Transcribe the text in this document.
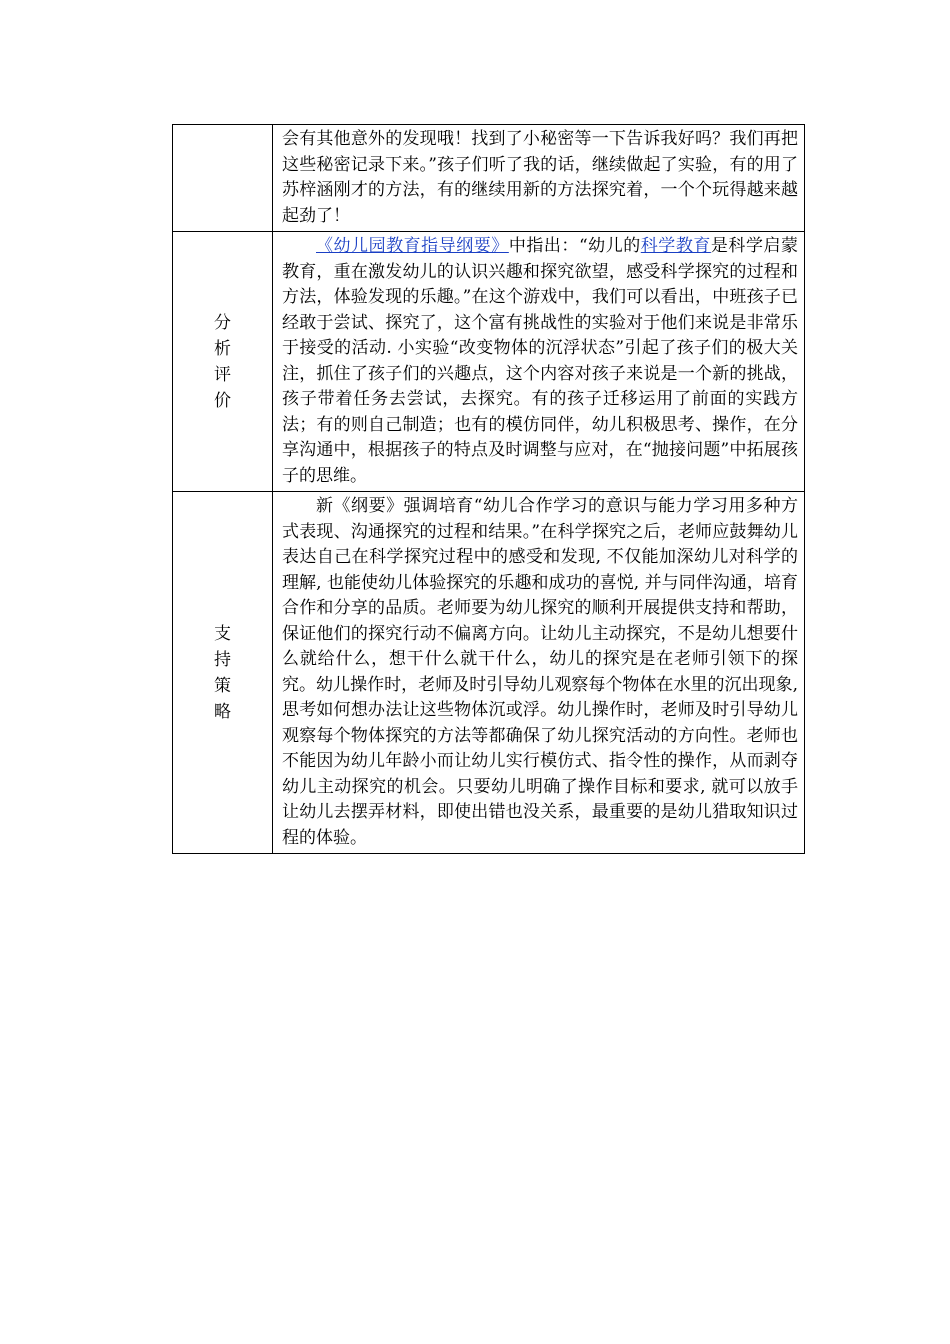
	会有其他意外的发现哦！找到了小秘密等一下告诉我好吗？我们再把这些秘密记录下来。”孩子们听了我的话，继续做起了实验，有的用了苏梓涵刚才的方法，有的继续用新的方法探究着，一个个玩得越来越起劲了！

分析评价	《幼儿园教育指导纲要》中指出：“幼儿的科学教育是科学启蒙教育，重在激发幼儿的认识兴趣和探究欲望，感受科学探究的过程和方法，体验发现的乐趣。”在这个游戏中，我们可以看出，中班孩子已经敢于尝试、探究了，这个富有挑战性的实验对于他们来说是非常乐于接受的活动. 小实验“改变物体的沉浮状态”引起了孩子们的极大关注，抓住了孩子们的兴趣点，这个内容对孩子来说是一个新的挑战，孩子带着任务去尝试，去探究。有的孩子迁移运用了前面的实践方法；有的则自己制造；也有的模仿同伴，幼儿积极思考、操作，在分享沟通中，根据孩子的特点及时调整与应对，在“抛接问题”中拓展孩子的思维。

支持策略	新《纲要》强调培育“幼儿合作学习的意识与能力学习用多种方式表现、沟通探究的过程和结果。”在科学探究之后，老师应鼓舞幼儿表达自己在科学探究过程中的感受和发现, 不仅能加深幼儿对科学的理解, 也能使幼儿体验探究的乐趣和成功的喜悦, 并与同伴沟通，培育合作和分享的品质。老师要为幼儿探究的顺利开展提供支持和帮助，保证他们的探究行动不偏离方向。让幼儿主动探究，不是幼儿想要什么就给什么，想干什么就干什么，幼儿的探究是在老师引领下的探究。幼儿操作时，老师及时引导幼儿观察每个物体在水里的沉出现象, 思考如何想办法让这些物体沉或浮。幼儿操作时，老师及时引导幼儿观察每个物体探究的方法等都确保了幼儿探究活动的方向性。老师也不能因为幼儿年龄小而让幼儿实行模仿式、指令性的操作，从而剥夺幼儿主动探究的机会。只要幼儿明确了操作目标和要求, 就可以放手让幼儿去摆弄材料，即使出错也没关系，最重要的是幼儿猎取知识过程的体验。
